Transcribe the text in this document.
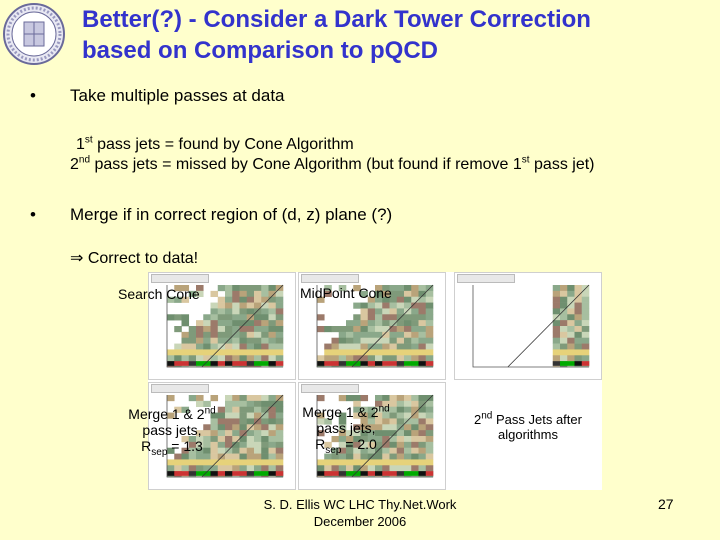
Better(?) - Consider a Dark Tower Correction
based on Comparison to pQCD
• Take multiple passes at data
1st pass jets = found by Cone Algorithm
2nd pass jets = missed by Cone Algorithm (but found if remove 1st pass jet)
• Merge if in correct region of (d, z) plane (?)
⇒ Correct to data!
Search Cone	MidPoint Cone
Merge 1 & 2nd
pass jets,
$R_{sep} = 1.3$
Merge 1 & 2nd
pass jets,
$R_{sep} = 2.0$
2nd Pass Jets after
algorithms
S. D. Ellis WC LHC Thy.Net.Work
December 2006
27
